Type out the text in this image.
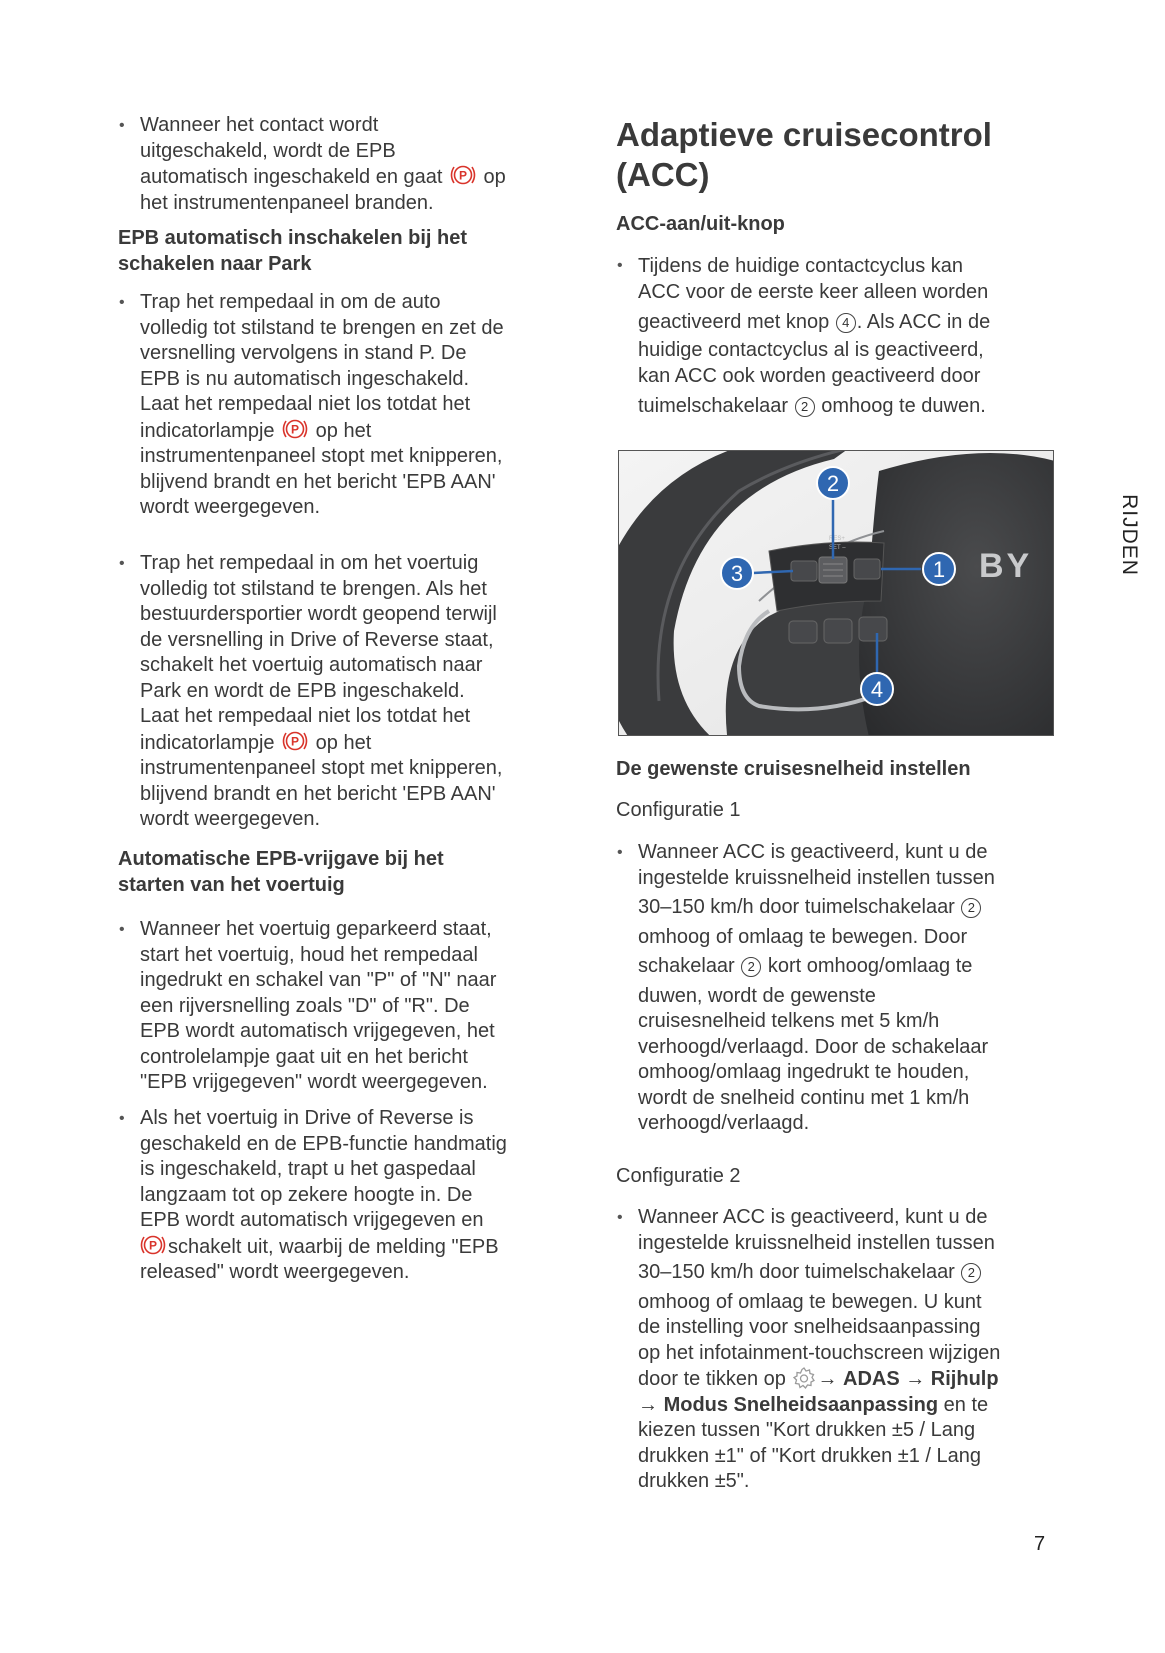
• Wanneer het contact wordt
uitgeschakeld, wordt de EPB
automatisch ingeschakeld en gaat P op
het instrumentenpaneel branden.
EPB automatisch inschakelen bij het
schakelen naar Park
• Trap het rempedaal in om de auto
volledig tot stilstand te brengen en zet de
versnelling vervolgens in stand P. De
EPB is nu automatisch ingeschakeld.
Laat het rempedaal niet los totdat het
indicatorlampje P op het
instrumentenpaneel stopt met knipperen,
blijvend brandt en het bericht 'EPB AAN'
wordt weergegeven.
• Trap het rempedaal in om het voertuig
volledig tot stilstand te brengen. Als het
bestuurdersportier wordt geopend terwijl
de versnelling in Drive of Reverse staat,
schakelt het voertuig automatisch naar
Park en wordt de EPB ingeschakeld.
Laat het rempedaal niet los totdat het
indicatorlampje P op het
instrumentenpaneel stopt met knipperen,
blijvend brandt en het bericht 'EPB AAN'
wordt weergegeven.
Automatische EPB-vrijgave bij het
starten van het voertuig
• Wanneer het voertuig geparkeerd staat,
start het voertuig, houd het rempedaal
ingedrukt en schakel van "P" of "N" naar
een rijversnelling zoals "D" of "R". De
EPB wordt automatisch vrijgegeven, het
controlelampje gaat uit en het bericht
"EPB vrijgegeven" wordt weergegeven.
• Als het voertuig in Drive of Reverse is
geschakeld en de EPB-functie handmatig
is ingeschakeld, trapt u het gaspedaal
langzaam tot op zekere hoogte in. De
EPB wordt automatisch vrijgegeven en
P schakelt uit, waarbij de melding "EPB
released" wordt weergegeven.
Adaptieve cruisecontrol
(ACC)
ACC-aan/uit-knop
• Tijdens de huidige contactcyclus kan
ACC voor de eerste keer alleen worden
geactiveerd met knop 4 . Als ACC in de
huidige contactcyclus al is geactiveerd,
kan ACC ook worden geactiveerd door
tuimelschakelaar 2 omhoog te duwen.
De gewenste cruisesnelheid instellen
Configuratie 1
• Wanneer ACC is geactiveerd, kunt u de
ingestelde kruissnelheid instellen tussen
30–150 km/h door tuimelschakelaar 2
omhoog of omlaag te bewegen. Door
schakelaar 2 kort omhoog/omlaag te
duwen, wordt de gewenste
cruisesnelheid telkens met 5 km/h
verhoogd/verlaagd. Door de schakelaar
omhoog/omlaag ingedrukt te houden,
wordt de snelheid continu met 1 km/h
verhoogd/verlaagd.
Configuratie 2
• Wanneer ACC is geactiveerd, kunt u de
ingestelde kruissnelheid instellen tussen
30–150 km/h door tuimelschakelaar 2
omhoog of omlaag te bewegen. U kunt
de instelling voor snelheidsaanpassing
op het infotainment-touchscreen wijzigen
door te tikken op → ADAS → Rijhulp
→ Modus Snelheidsaanpassing en te
kiezen tussen "Kort drukken ±5 / Lang
drukken ±1" of "Kort drukken ±1 / Lang
drukken ±5".
RES+
SET –	BY
2
3	1
4
RIJDEN
7
